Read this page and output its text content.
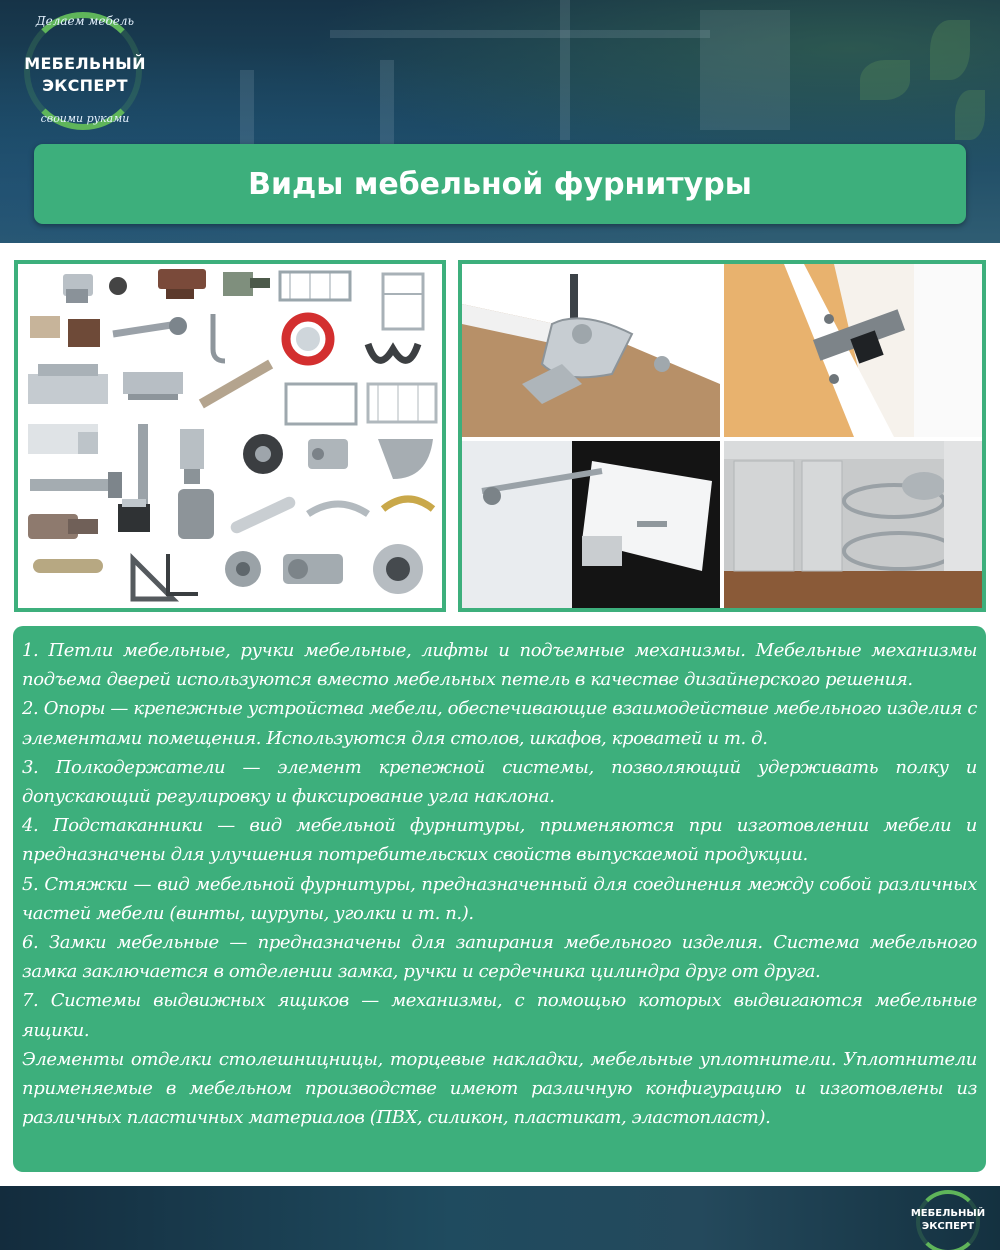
Делаем мебель
МЕБЕЛЬНЫЙ
ЭКСПЕРТ
своими руками
Виды мебельной фурнитуры

1. Петли мебельные, ручки мебельные, лифты и подъемные механизмы. Мебельные механизмы подъема дверей используются вместо мебельных петель в качестве дизайнерского решения.

2. Опоры — крепежные устройства мебели, обеспечивающие взаимодействие мебельного изделия с элементами помещения. Используются для столов, шкафов, кроватей и т. д.

3. Полкодержатели — элемент крепежной системы, позволяющий удерживать полку и допускающий регулировку и фиксирование угла наклона.

4. Подстаканники — вид мебельной фурнитуры, применяются при изготовлении мебели и предназначены для улучшения потребительских свойств выпускаемой продукции.

5. Стяжки — вид мебельной фурнитуры, предназначенный для соединения между собой различных частей мебели (винты, шурупы, уголки и т. п.).

6. Замки мебельные — предназначены для запирания мебельного изделия. Система мебельного замка заключается в отделении замка, ручки и сердечника цилиндра друг от друга.

7. Системы выдвижных ящиков — механизмы, с помощью которых выдвигаются мебельные ящики.

Элементы отделки столешницницы, торцевые накладки, мебельные уплотнители. Уплотнители применяемые в мебельном производстве имеют различную конфигурацию и изготовлены из различных пластичных материалов (ПВХ, силикон, пластикат, эластопласт).

МЕБЕЛЬНЫЙ
ЭКСПЕРТ
